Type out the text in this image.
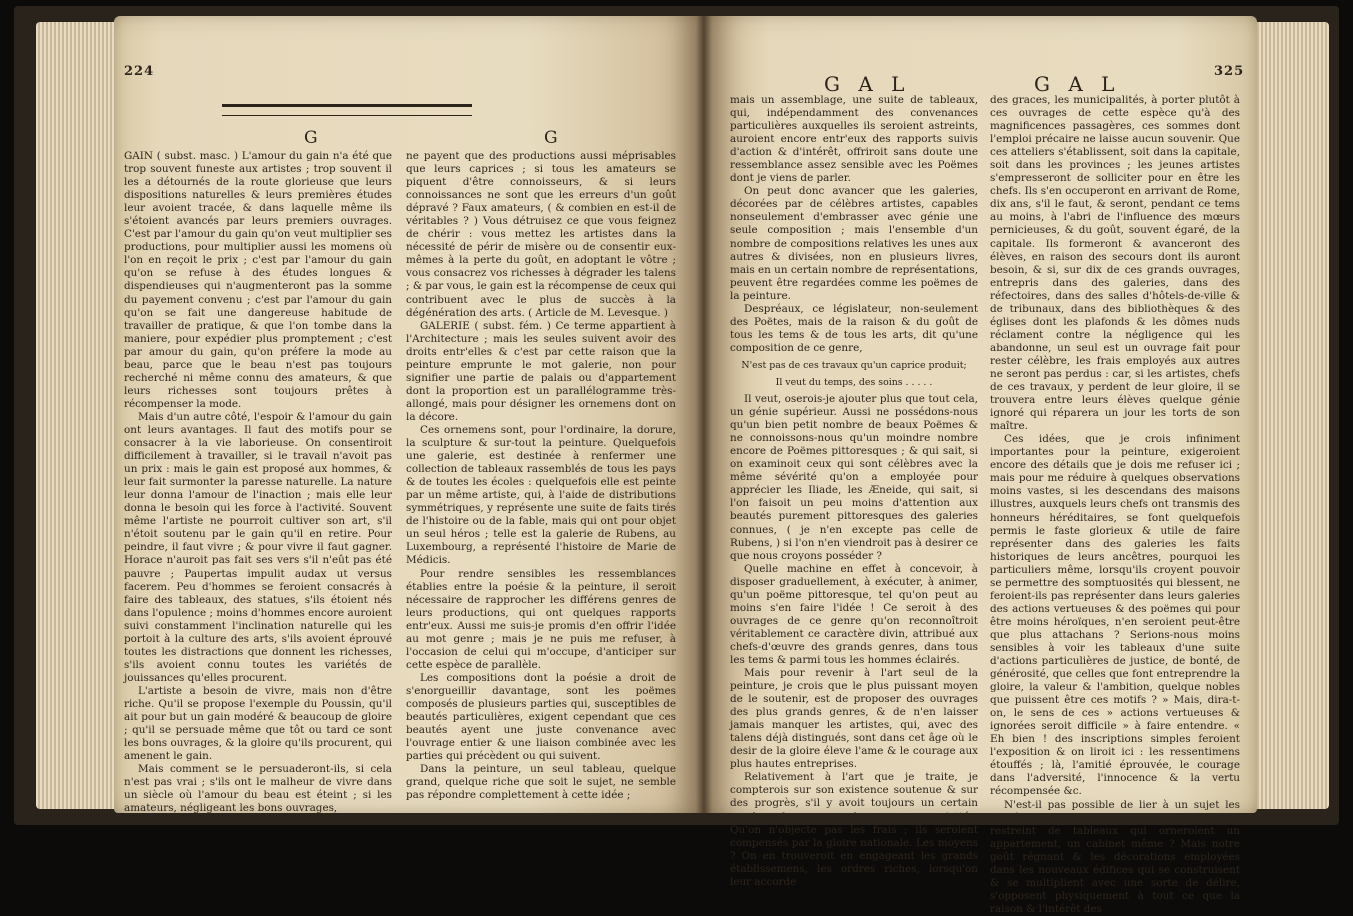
224
G	G

GAIN ( subst. masc. ) L'amour du gain n'a été que trop souvent funeste aux artistes ; trop souvent il les a détournés de la route glorieuse que leurs dispositions naturelles & leurs premières études leur avoient tracée, & dans laquelle même ils s'étoient avancés par leurs premiers ouvrages. C'est par l'amour du gain qu'on veut multiplier ses productions, pour multiplier aussi les momens où l'on en reçoit le prix ; c'est par l'amour du gain qu'on se refuse à des études longues & dispendieuses qui n'augmenteront pas la somme du payement convenu ; c'est par l'amour du gain qu'on se fait une dangereuse habitude de travailler de pratique, & que l'on tombe dans la maniere, pour expédier plus promptement ; c'est par amour du gain, qu'on préfere la mode au beau, parce que le beau n'est pas toujours recherché ni même connu des amateurs, & que leurs richesses sont toujours prêtes à récompenser la mode.

Mais d'un autre côté, l'espoir & l'amour du gain ont leurs avantages. Il faut des motifs pour se consacrer à la vie laborieuse. On consentiroit difficilement à travailler, si le travail n'avoit pas un prix : mais le gain est proposé aux hommes, & leur fait surmonter la paresse naturelle. La nature leur donna l'amour de l'inaction ; mais elle leur donna le besoin qui les force à l'activité. Souvent même l'artiste ne pourroit cultiver son art, s'il n'étoit soutenu par le gain qu'il en retire. Pour peindre, il faut vivre ; & pour vivre il faut gagner. Horace n'auroit pas fait ses vers s'il n'eût pas été pauvre ; Paupertas impulit audax ut versus facerem. Peu d'hommes se feroient consacrés à faire des tableaux, des statues, s'ils étoient nés dans l'opulence ; moins d'hommes encore auroient suivi constamment l'inclination naturelle qui les portoit à la culture des arts, s'ils avoient éprouvé toutes les distractions que donnent les richesses, s'ils avoient connu toutes les variétés de jouissances qu'elles procurent.

L'artiste a besoin de vivre, mais non d'être riche. Qu'il se propose l'exemple du Poussin, qu'il ait pour but un gain modéré & beaucoup de gloire ; qu'il se persuade même que tôt ou tard ce sont les bons ouvrages, & la gloire qu'ils procurent, qui amenent le gain.

Mais comment se le persuaderont-ils, si cela n'est pas vrai ; s'ils ont le malheur de vivre dans un siècle où l'amour du beau est éteint ; si les amateurs, négligeant les bons ouvrages,

ne payent que des productions aussi méprisables que leurs caprices ; si tous les amateurs se piquent d'être connoisseurs, & si leurs connoissances ne sont que les erreurs d'un goût dépravé ? Faux amateurs, ( & combien en est-il de véritables ? ) Vous détruisez ce que vous feignez de chérir : vous mettez les artistes dans la nécessité de périr de misère ou de consentir eux-mêmes à la perte du goût, en adoptant le vôtre ; vous consacrez vos richesses à dégrader les talens ; & par vous, le gain est la récompense de ceux qui contribuent avec le plus de succès à la dégénération des arts. ( Article de M. Levesque. )

GALERIE ( subst. fém. ) Ce terme appartient à l'Architecture ; mais les seules suivent avoir des droits entr'elles & c'est par cette raison que la peinture emprunte le mot galerie, non pour signifier une partie de palais ou d'appartement dont la proportion est un parallélogramme très-allongé, mais pour désigner les ornemens dont on la décore.

Ces ornemens sont, pour l'ordinaire, la dorure, la sculpture & sur-tout la peinture. Quelquefois une galerie, est destinée à renfermer une collection de tableaux rassemblés de tous les pays & de toutes les écoles : quelquefois elle est peinte par un même artiste, qui, à l'aide de distributions symmétriques, y représente une suite de faits tirés de l'histoire ou de la fable, mais qui ont pour objet un seul héros ; telle est la galerie de Rubens, au Luxembourg, a représenté l'histoire de Marie de Médicis.

Pour rendre sensibles les ressemblances établies entre la poésie & la peinture, il seroit nécessaire de rapprocher les différens genres de leurs productions, qui ont quelques rapports entr'eux. Aussi me suis-je promis d'en offrir l'idée au mot genre ; mais je ne puis me refuser, à l'occasion de celui qui m'occupe, d'anticiper sur cette espèce de parallèle.

Les compositions dont la poésie a droit de s'enorgueillir davantage, sont les poëmes composés de plusieurs parties qui, susceptibles de beautés particulières, exigent cependant que ces beautés ayent une juste convenance avec l'ouvrage entier & une liaison combinée avec les parties qui précèdent ou qui suivent.

Dans la peinture, un seul tableau, quelque grand, quelque riche que soit le sujet, ne semble pas répondre complettement à cette idée ;

G A L	G A L
325

mais un assemblage, une suite de tableaux, qui, indépendamment des convenances particulières auxquelles ils seroient astreints, auroient encore entr'eux des rapports suivis d'action & d'intérêt, offriroit sans doute une ressemblance assez sensible avec les Poëmes dont je viens de parler.

On peut donc avancer que les galeries, décorées par de célèbres artistes, capables nonseulement d'embrasser avec génie une seule composition ; mais l'ensemble d'un nombre de compositions relatives les unes aux autres & divisées, non en plusieurs livres, mais en un certain nombre de représentations, peuvent être regardées comme les poëmes de la peinture.

Despréaux, ce législateur, non-seulement des Poëtes, mais de la raison & du goût de tous les tems & de tous les arts, dit qu'une composition de ce genre,

N'est pas de ces travaux qu'un caprice produit;

Il veut du temps, des soins . . . . .

Il veut, oserois-je ajouter plus que tout cela, un génie supérieur. Aussi ne possédons-nous qu'un bien petit nombre de beaux Poëmes & ne connoissons-nous qu'un moindre nombre encore de Poëmes pittoresques ; & qui sait, si on examinoit ceux qui sont célèbres avec la même sévérité qu'on a employée pour apprécier les Iliade, les Æneide, qui sait, si l'on faisoit un peu moins d'attention aux beautés purement pittoresques des galeries connues, ( je n'en excepte pas celle de Rubens, ) si l'on n'en viendroit pas à desirer ce que nous croyons posséder ?

Quelle machine en effet à concevoir, à disposer graduellement, à exécuter, à animer, qu'un poëme pittoresque, tel qu'on peut au moins s'en faire l'idée ! Ce seroit à des ouvrages de ce genre qu'on reconnoîtroit véritablement ce caractère divin, attribué aux chefs-d'œuvre des grands genres, dans tous les tems & parmi tous les hommes éclairés.

Mais pour revenir à l'art seul de la peinture, je crois que le plus puissant moyen de le soutenir, est de proposer des ouvrages des plus grands genres, & de n'en laisser jamais manquer les artistes, qui, avec des talens déjà distingués, sont dans cet âge où le desir de la gloire éleve l'ame & le courage aux plus hautes entreprises.

Relativement à l'art que je traite, je compterois sur son existence soutenue & sur des progrès, s'il y avoit toujours un certain nombre de ces grands ouvrages projettés. Qu'on n'objecte pas les frais ; ils seroient compensés par la gloire nationale. Les moyens ? On en trouveroit en engageant les grands établissemens, les ordres riches, lorsqu'on leur accorde

des graces, les municipalités, à porter plutôt à ces ouvrages de cette espèce qu'à des magnificences passagères, ces sommes dont l'emploi précaire ne laisse aucun souvenir. Que ces atteliers s'établissent, soit dans la capitale, soit dans les provinces ; les jeunes artistes s'empresseront de solliciter pour en être les chefs. Ils s'en occuperont en arrivant de Rome, dix ans, s'il le faut, & seront, pendant ce tems au moins, à l'abri de l'influence des mœurs pernicieuses, & du goût, souvent égaré, de la capitale. Ils formeront & avanceront des élèves, en raison des secours dont ils auront besoin, & si, sur dix de ces grands ouvrages, entrepris dans des galeries, dans des réfectoires, dans des salles d'hôtels-de-ville & de tribunaux, dans des bibliothèques & des églises dont les plafonds & les dômes nuds réclament contre la négligence qui les abandonne, un seul est un ouvrage fait pour rester célèbre, les frais employés aux autres ne seront pas perdus : car, si les artistes, chefs de ces travaux, y perdent de leur gloire, il se trouvera entre leurs élèves quelque génie ignoré qui réparera un jour les torts de son maître.

Ces idées, que je crois infiniment importantes pour la peinture, exigeroient encore des détails que je dois me refuser ici ; mais pour me réduire à quelques observations moins vastes, si les descendans des maisons illustres, auxquels leurs chefs ont transmis des honneurs héréditaires, se font quelquefois permis le faste glorieux & utile de faire représenter dans des galeries les faits historiques de leurs ancêtres, pourquoi les particuliers même, lorsqu'ils croyent pouvoir se permettre des somptuosités qui blessent, ne feroient-ils pas représenter dans leurs galeries des actions vertueuses & des poëmes qui pour être moins héroïques, n'en seroient peut-être que plus attachans ? Serions-nous moins sensibles à voir les tableaux d'une suite d'actions particulières de justice, de bonté, de générosité, que celles que font entreprendre la gloire, la valeur & l'ambition, quelque nobles que puissent être ces motifs ? » Mais, dira-t-on, le sens de ces » actions vertueuses & ignorées seroit difficile » à faire entendre. « Eh bien ! des inscriptions simples feroient l'exposition & on liroit ici : les ressentimens étouffés ; là, l'amitié éprouvée, le courage dans l'adversité, l'innocence & la vertu récompensée &c.

N'est-il pas possible de lier à un sujet les représentations d'un nombre encore plus restreint de tableaux qui orneroient un appartement, un cabinet même ? Mais notre goût régnant & les décorations employées dans les nouveaux édifices qui se construisent & se multiplient avec une sorte de délire, s'opposent physiquement à tout ce que la raison & l'intérêt des
